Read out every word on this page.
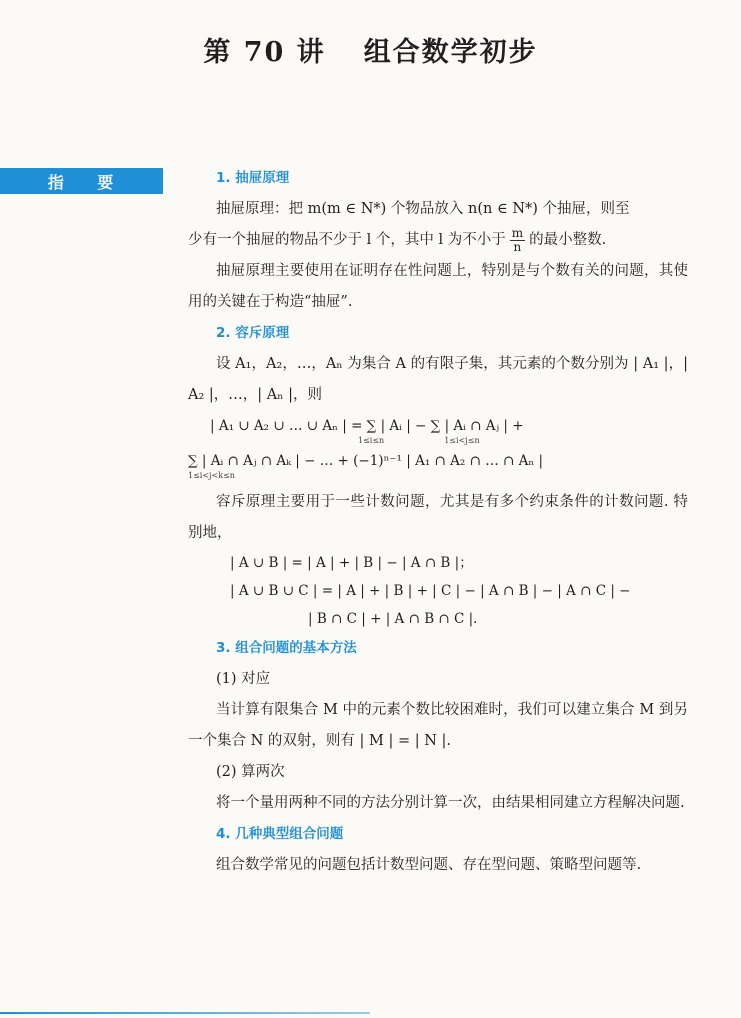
第 70 讲 组合数学初步
指 要	1. 抽屉原理
抽屉原理：把 m(m ∈ N*) 个物品放入 n(n ∈ N*) 个抽屉，则至
少有一个抽屉的物品不少于 l 个，其中 l 为不小于 $\frac{m}{n}$ 的最小整数.
抽屉原理主要使用在证明存在性问题上，特别是与个数有关的问题，其使用的关键在于构造“抽屉”.
2. 容斥原理
设 A₁，A₂，…，Aₙ 为集合 A 的有限子集，其元素的个数分别为 | A₁ |，| A₂ |，…，| Aₙ |，则
| A₁ ∪ A₂ ∪ … ∪ Aₙ | = ∑ | Aᵢ | − ∑ | Aᵢ ∩ Aⱼ | +
1≤i≤n	1≤i<j≤n
∑ | Aᵢ ∩ Aⱼ ∩ Aₖ | − … + (−1)ⁿ⁻¹ | A₁ ∩ A₂ ∩ … ∩ Aₙ |
1≤i<j<k≤n
容斥原理主要用于一些计数问题，尤其是有多个约束条件的计数问题. 特别地，
| A ∪ B | = | A | + | B | − | A ∩ B |；
| A ∪ B ∪ C | = | A | + | B | + | C | − | A ∩ B | − | A ∩ C | −
| B ∩ C | + | A ∩ B ∩ C |.
3. 组合问题的基本方法
(1) 对应
当计算有限集合 M 中的元素个数比较困难时，我们可以建立集合 M 到另一个集合 N 的双射，则有 | M | = | N |.
(2) 算两次
将一个量用两种不同的方法分别计算一次，由结果相同建立方程解决问题.
4. 几种典型组合问题
组合数学常见的问题包括计数型问题、存在型问题、策略型问题等.
